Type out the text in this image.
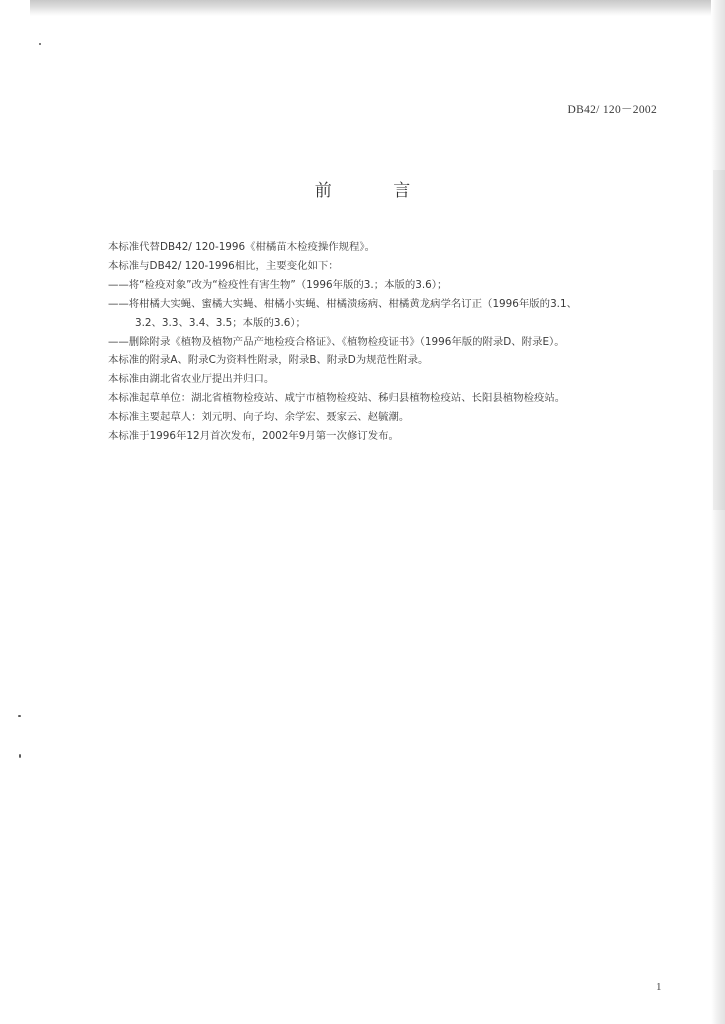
DB42/ 120－2002
前 言

本标准代替DB42/ 120-1996《柑橘苗木检疫操作规程》。

本标准与DB42/ 120-1996相比，主要变化如下：

——将“检疫对象”改为“检疫性有害生物”（1996年版的3.；本版的3.6）；

——将柑橘大实蝇、蜜橘大实蝇、柑橘小实蝇、柑橘溃疡病、柑橘黄龙病学名订正（1996年版的3.1、

3.2、3.3、3.4、3.5；本版的3.6）；

——删除附录《植物及植物产品产地检疫合格证》、《植物检疫证书》（1996年版的附录D、附录E）。

本标准的附录A、附录C为资料性附录，附录B、附录D为规范性附录。

本标准由湖北省农业厅提出并归口。

本标准起草单位：湖北省植物检疫站、咸宁市植物检疫站、秭归县植物检疫站、长阳县植物检疫站。

本标准主要起草人：刘元明、向子均、余学宏、聂家云、赵毓潮。

本标准于1996年12月首次发布，2002年9月第一次修订发布。

1
